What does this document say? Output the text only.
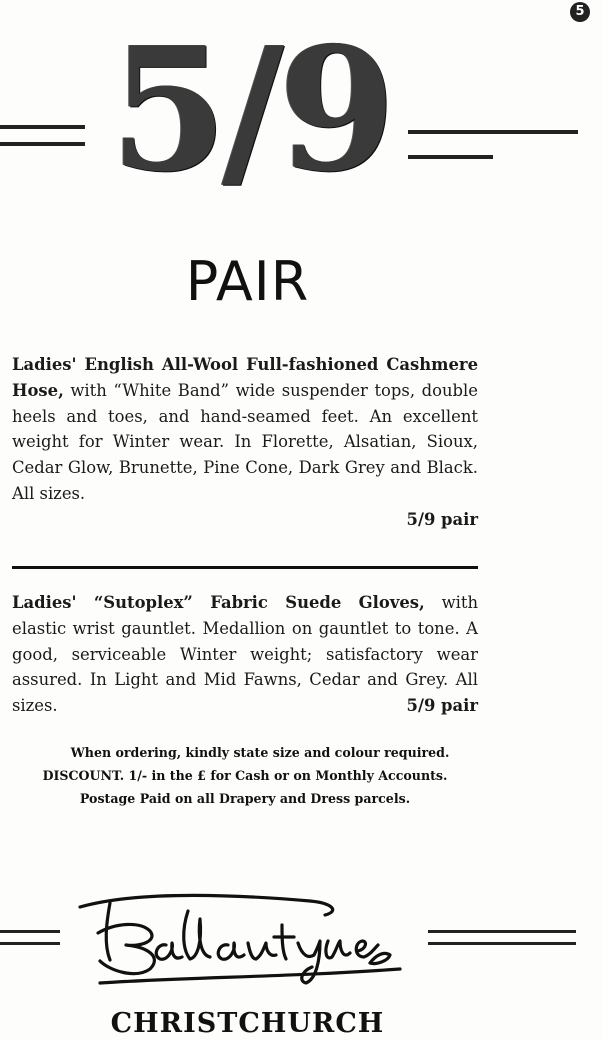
5
5/9
PAIR
Ladies' English All-Wool Full-fashioned Cashmere Hose, with “White Band” wide suspender tops, double heels and toes, and hand-seamed feet. An excellent weight for Winter wear. In Florette, Alsatian, Sioux, Cedar Glow, Brunette, Pine Cone, Dark Grey and Black. All sizes.
5/9 pair
Ladies' “Sutoplex” Fabric Suede Gloves, with elastic wrist gauntlet. Medallion on gauntlet to tone. A good, serviceable Winter weight; satisfactory wear assured. In Light and Mid Fawns, Cedar and Grey. All sizes.	5/9 pair

When ordering, kindly state size and colour required.

DISCOUNT. 1/- in the £ for Cash or on Monthly Accounts.

Postage Paid on all Drapery and Dress parcels.

CHRISTCHURCH
